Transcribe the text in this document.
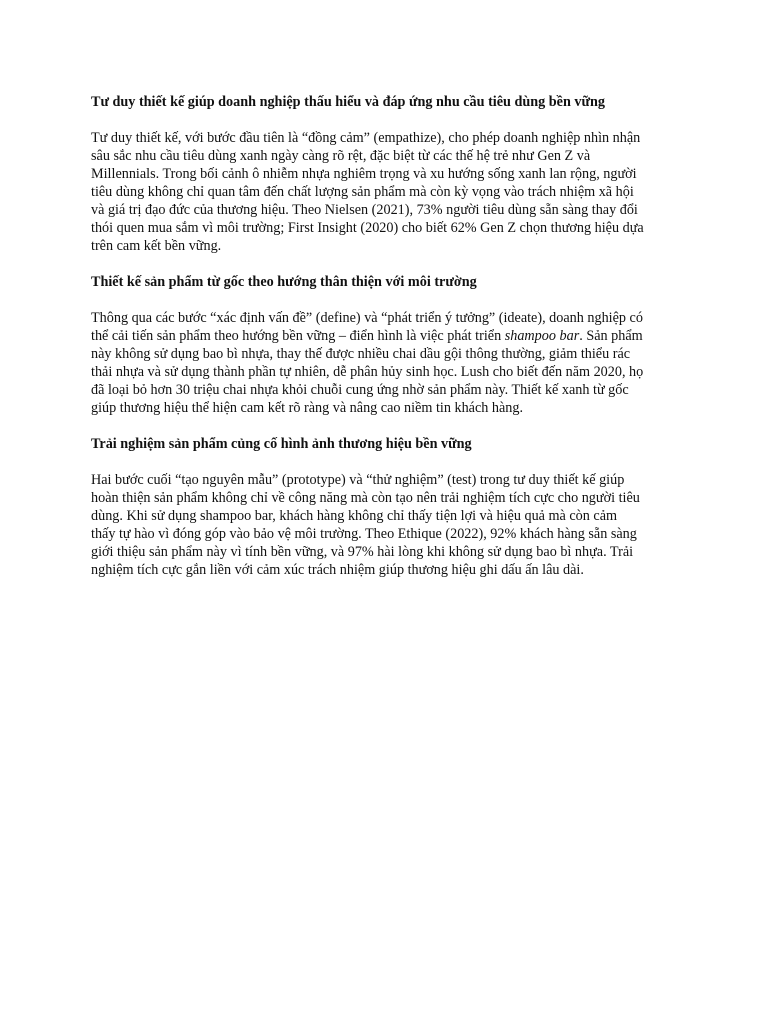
Tư duy thiết kế giúp doanh nghiệp thấu hiểu và đáp ứng nhu cầu tiêu dùng bền vững

Tư duy thiết kế, với bước đầu tiên là “đồng cảm” (empathize), cho phép doanh nghiệp nhìn nhận
sâu sắc nhu cầu tiêu dùng xanh ngày càng rõ rệt, đặc biệt từ các thế hệ trẻ như Gen Z và
Millennials. Trong bối cảnh ô nhiễm nhựa nghiêm trọng và xu hướng sống xanh lan rộng, người
tiêu dùng không chỉ quan tâm đến chất lượng sản phẩm mà còn kỳ vọng vào trách nhiệm xã hội
và giá trị đạo đức của thương hiệu. Theo Nielsen (2021), 73% người tiêu dùng sẵn sàng thay đổi
thói quen mua sắm vì môi trường; First Insight (2020) cho biết 62% Gen Z chọn thương hiệu dựa
trên cam kết bền vững.

Thiết kế sản phẩm từ gốc theo hướng thân thiện với môi trường

Thông qua các bước “xác định vấn đề” (define) và “phát triển ý tưởng” (ideate), doanh nghiệp có
thể cải tiến sản phẩm theo hướng bền vững – điển hình là việc phát triển shampoo bar. Sản phẩm
này không sử dụng bao bì nhựa, thay thế được nhiều chai dầu gội thông thường, giảm thiểu rác
thải nhựa và sử dụng thành phần tự nhiên, dễ phân hủy sinh học. Lush cho biết đến năm 2020, họ
đã loại bỏ hơn 30 triệu chai nhựa khỏi chuỗi cung ứng nhờ sản phẩm này. Thiết kế xanh từ gốc
giúp thương hiệu thể hiện cam kết rõ ràng và nâng cao niềm tin khách hàng.

Trải nghiệm sản phẩm củng cố hình ảnh thương hiệu bền vững

Hai bước cuối “tạo nguyên mẫu” (prototype) và “thử nghiệm” (test) trong tư duy thiết kế giúp
hoàn thiện sản phẩm không chỉ về công năng mà còn tạo nên trải nghiệm tích cực cho người tiêu
dùng. Khi sử dụng shampoo bar, khách hàng không chỉ thấy tiện lợi và hiệu quả mà còn cảm
thấy tự hào vì đóng góp vào bảo vệ môi trường. Theo Ethique (2022), 92% khách hàng sẵn sàng
giới thiệu sản phẩm này vì tính bền vững, và 97% hài lòng khi không sử dụng bao bì nhựa. Trải
nghiệm tích cực gắn liền với cảm xúc trách nhiệm giúp thương hiệu ghi dấu ấn lâu dài.
